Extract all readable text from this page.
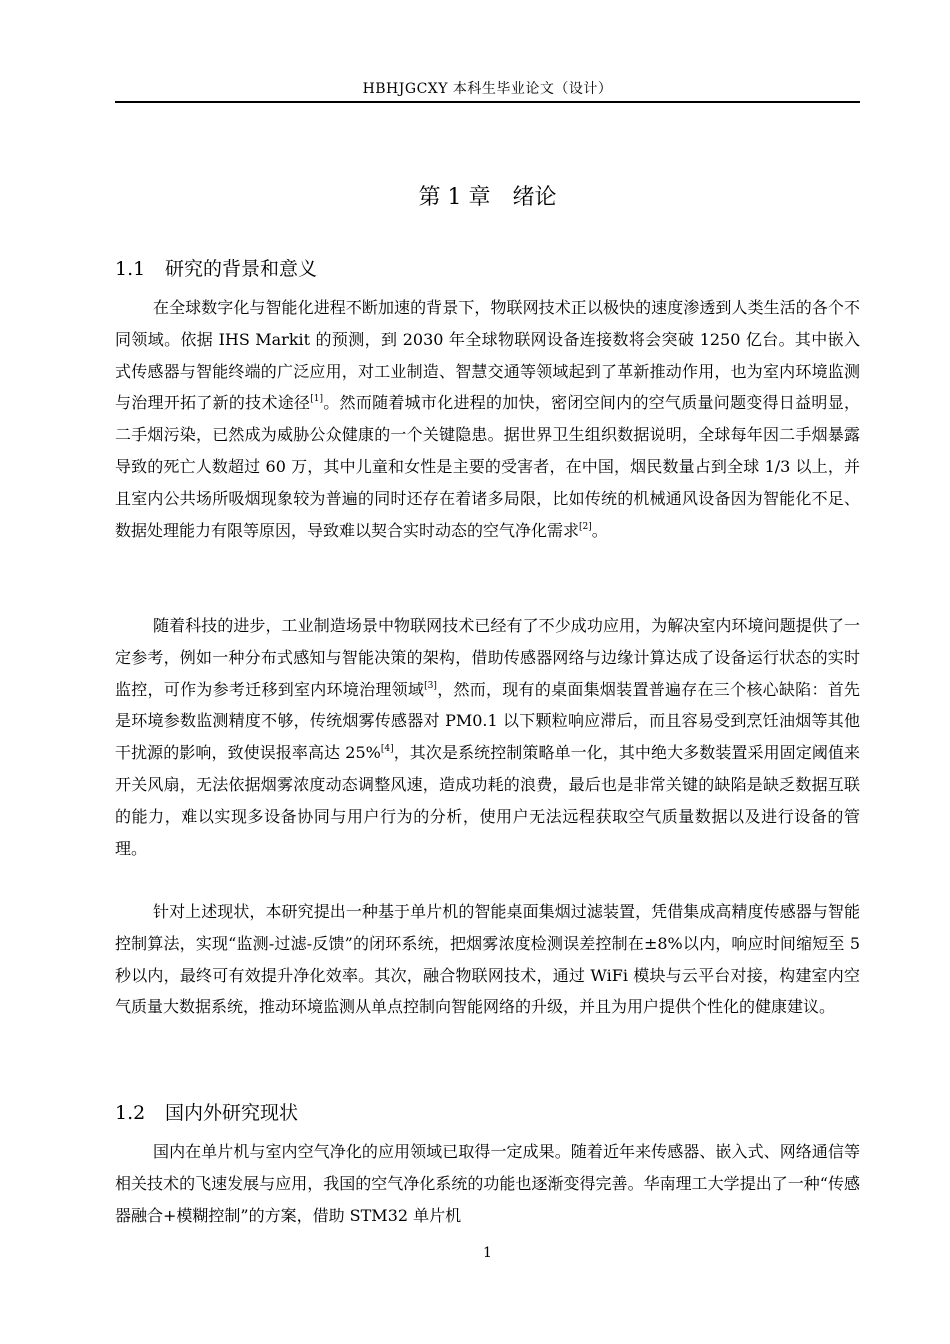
HBHJGCXY 本科生毕业论文（设计）
第 1 章　绪论
1.1 研究的背景和意义

在全球数字化与智能化进程不断加速的背景下，物联网技术正以极快的速度渗透到人类生活的各个不同领域。依据 IHS Markit 的预测，到 2030 年全球物联网设备连接数将会突破 1250 亿台。其中嵌入式传感器与智能终端的广泛应用，对工业制造、智慧交通等领域起到了革新推动作用，也为室内环境监测与治理开拓了新的技术途径[1]。然而随着城市化进程的加快，密闭空间内的空气质量问题变得日益明显，二手烟污染，已然成为威胁公众健康的一个关键隐患。据世界卫生组织数据说明，全球每年因二手烟暴露导致的死亡人数超过 60 万，其中儿童和女性是主要的受害者，在中国，烟民数量占到全球 1/3 以上，并且室内公共场所吸烟现象较为普遍的同时还存在着诸多局限，比如传统的机械通风设备因为智能化不足、数据处理能力有限等原因，导致难以契合实时动态的空气净化需求[2]。

随着科技的进步，工业制造场景中物联网技术已经有了不少成功应用，为解决室内环境问题提供了一定参考，例如一种分布式感知与智能决策的架构，借助传感器网络与边缘计算达成了设备运行状态的实时监控，可作为参考迁移到室内环境治理领域[3]，然而，现有的桌面集烟装置普遍存在三个核心缺陷：首先是环境参数监测精度不够，传统烟雾传感器对 PM0.1 以下颗粒响应滞后，而且容易受到烹饪油烟等其他干扰源的影响，致使误报率高达 25%[4]，其次是系统控制策略单一化，其中绝大多数装置采用固定阈值来开关风扇，无法依据烟雾浓度动态调整风速，造成功耗的浪费，最后也是非常关键的缺陷是缺乏数据互联的能力，难以实现多设备协同与用户行为的分析，使用户无法远程获取空气质量数据以及进行设备的管理。

针对上述现状，本研究提出一种基于单片机的智能桌面集烟过滤装置，凭借集成高精度传感器与智能控制算法，实现“监测-过滤-反馈”的闭环系统，把烟雾浓度检测误差控制在±8%以内，响应时间缩短至 5 秒以内，最终可有效提升净化效率。其次，融合物联网技术，通过 WiFi 模块与云平台对接，构建室内空气质量大数据系统，推动环境监测从单点控制向智能网络的升级，并且为用户提供个性化的健康建议。

1.2 国内外研究现状

国内在单片机与室内空气净化的应用领域已取得一定成果。随着近年来传感器、嵌入式、网络通信等相关技术的飞速发展与应用，我国的空气净化系统的功能也逐渐变得完善。华南理工大学提出了一种“传感器融合+模糊控制”的方案，借助 STM32 单片机

1
